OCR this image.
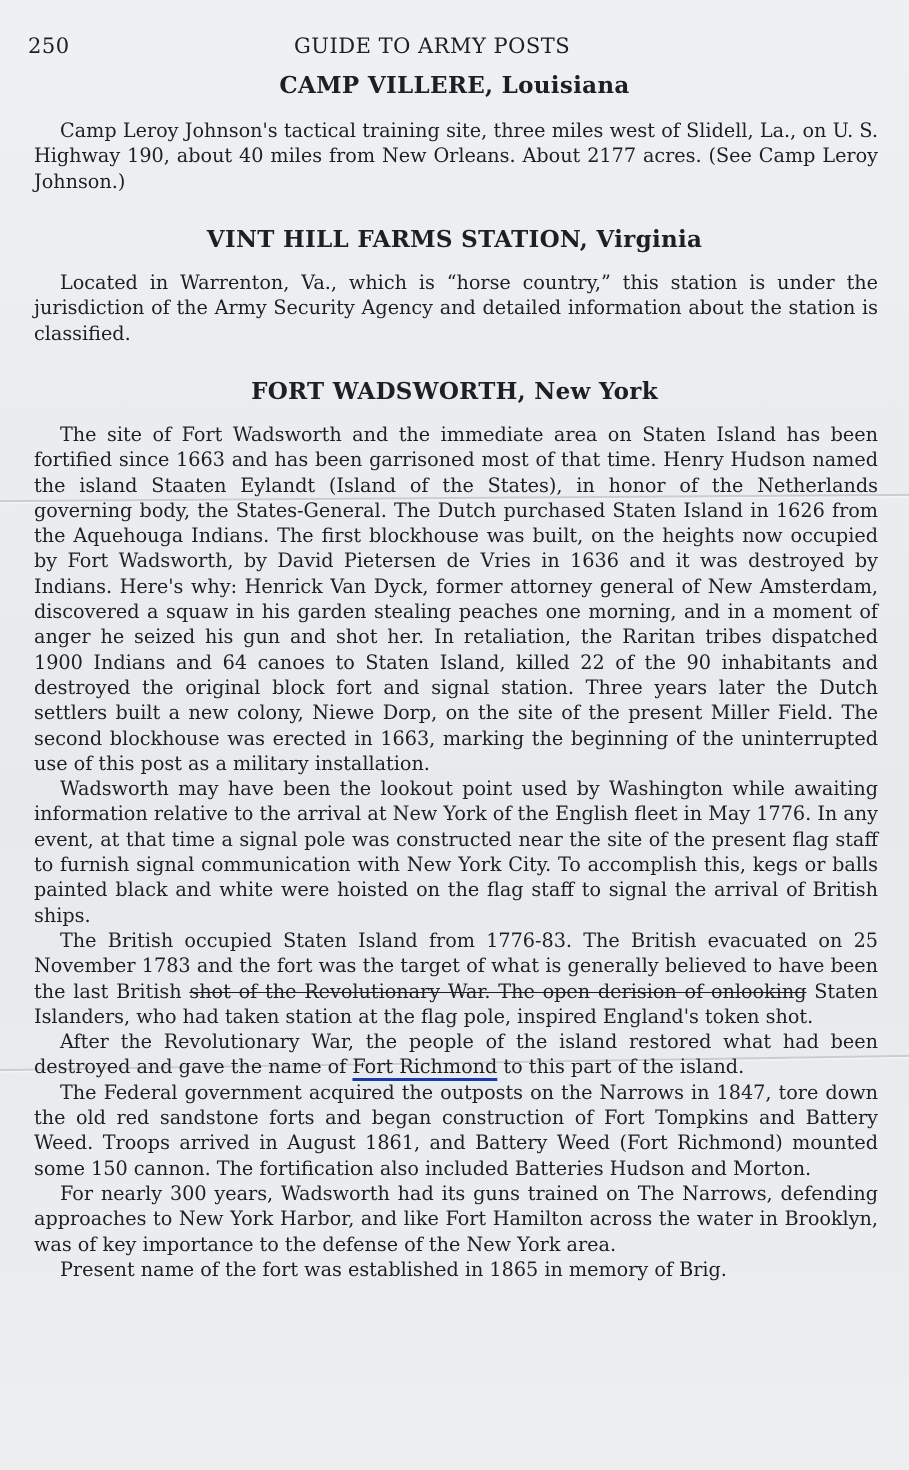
250	GUIDE TO ARMY POSTS
CAMP VILLERE, Louisiana

Camp Leroy Johnson's tactical training site, three miles west of Slidell, La., on U. S. Highway 190, about 40 miles from New Orleans. About 2177 acres. (See Camp Leroy Johnson.)

VINT HILL FARMS STATION, Virginia

Located in Warrenton, Va., which is “horse country,” this station is under the jurisdiction of the Army Security Agency and detailed information about the station is classified.

FORT WADSWORTH, New York

The site of Fort Wadsworth and the immediate area on Staten Island has been fortified since 1663 and has been garrisoned most of that time. Henry Hudson named the island Staaten Eylandt (Island of the States), in honor of the Netherlands governing body, the States-General. The Dutch purchased Staten Island in 1626 from the Aquehouga Indians. The first blockhouse was built, on the heights now occupied by Fort Wadsworth, by David Pietersen de Vries in 1636 and it was destroyed by Indians. Here's why: Henrick Van Dyck, former attorney general of New Amsterdam, discovered a squaw in his garden stealing peaches one morning, and in a moment of anger he seized his gun and shot her. In retaliation, the Raritan tribes dispatched 1900 Indians and 64 canoes to Staten Island, killed 22 of the 90 inhabitants and destroyed the original block fort and signal station. Three years later the Dutch settlers built a new colony, Niewe Dorp, on the site of the present Miller Field. The second blockhouse was erected in 1663, marking the beginning of the uninterrupted use of this post as a military installation.

Wadsworth may have been the lookout point used by Washington while awaiting information relative to the arrival at New York of the English fleet in May 1776. In any event, at that time a signal pole was constructed near the site of the present flag staff to furnish signal communication with New York City. To accomplish this, kegs or balls painted black and white were hoisted on the flag staff to signal the arrival of British ships.

The British occupied Staten Island from 1776-83. The British evacuated on 25 November 1783 and the fort was the target of what is generally believed to have been the last British shot of the Revolutionary War. The open derision of onlooking Staten Islanders, who had taken station at the flag pole, inspired England's token shot.

After the Revolutionary War, the people of the island restored what had been destroyed and gave the name of Fort Richmond to this part of the island.

The Federal government acquired the outposts on the Narrows in 1847, tore down the old red sandstone forts and began construction of Fort Tompkins and Battery Weed. Troops arrived in August 1861, and Battery Weed (Fort Richmond) mounted some 150 cannon. The fortification also included Batteries Hudson and Morton.

For nearly 300 years, Wadsworth had its guns trained on The Narrows, defending approaches to New York Harbor, and like Fort Hamilton across the water in Brooklyn, was of key importance to the defense of the New York area.

Present name of the fort was established in 1865 in memory of Brig.
